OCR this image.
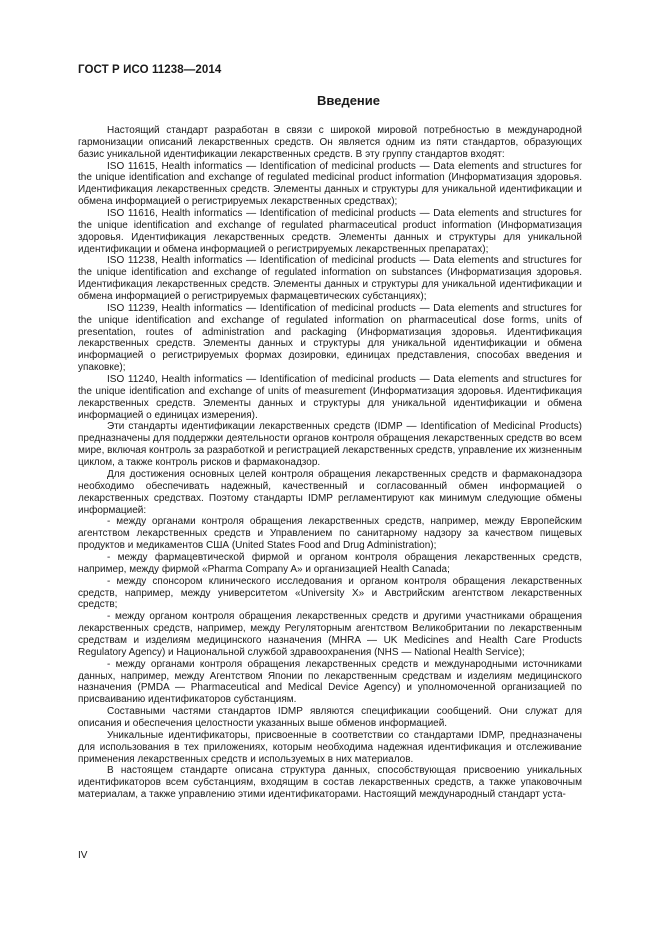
ГОСТ Р ИСО 11238—2014
Введение

Настоящий стандарт разработан в связи с широкой мировой потребностью в международной гармонизации описаний лекарственных средств. Он является одним из пяти стандартов, образующих базис уникальной идентификации лекарственных средств. В эту группу стандартов входят:

ISO 11615, Health informatics — Identification of medicinal products — Data elements and structures for the unique identification and exchange of regulated medicinal product information (Информатизация здоровья. Идентификация лекарственных средств. Элементы данных и структуры для уникальной идентификации и обмена информацией о регистрируемых лекарственных средствах);

ISO 11616, Health informatics — Identification of medicinal products — Data elements and structures for the unique identification and exchange of regulated pharmaceutical product information (Информатизация здоровья. Идентификация лекарственных средств. Элементы данных и структуры для уникальной идентификации и обмена информацией о регистрируемых лекарственных препаратах);

ISO 11238, Health informatics — Identification of medicinal products — Data elements and structures for the unique identification and exchange of regulated information on substances (Информатизация здоровья. Идентификация лекарственных средств. Элементы данных и структуры для уникальной идентификации и обмена информацией о регистрируемых фармацевтических субстанциях);

ISO 11239, Health informatics — Identification of medicinal products — Data elements and structures for the unique identification and exchange of regulated information on pharmaceutical dose forms, units of presentation, routes of administration and packaging (Информатизация здоровья. Идентификация лекарственных средств. Элементы данных и структуры для уникальной идентификации и обмена информацией о регистрируемых формах дозировки, единицах представления, способах введения и упаковке);

ISO 11240, Health informatics — Identification of medicinal products — Data elements and structures for the unique identification and exchange of units of measurement (Информатизация здоровья. Идентификация лекарственных средств. Элементы данных и структуры для уникальной идентификации и обмена информацией о единицах измерения).

Эти стандарты идентификации лекарственных средств (IDMP — Identification of Medicinal Products) предназначены для поддержки деятельности органов контроля обращения лекарственных средств во всем мире, включая контроль за разработкой и регистрацией лекарственных средств, управление их жизненным циклом, а также контроль рисков и фармаконадзор.

Для достижения основных целей контроля обращения лекарственных средств и фармаконадзора необходимо обеспечивать надежный, качественный и согласованный обмен информацией о лекарственных средствах. Поэтому стандарты IDMP регламентируют как минимум следующие обмены информацией:

- между органами контроля обращения лекарственных средств, например, между Европейским агентством лекарственных средств и Управлением по санитарному надзору за качеством пищевых продуктов и медикаментов США (United States Food and Drug Administration);

- между фармацевтической фирмой и органом контроля обращения лекарственных средств, например, между фирмой «Pharma Company A» и организацией Health Canada;

- между спонсором клинического исследования и органом контроля обращения лекарственных средств, например, между университетом «University X» и Австрийским агентством лекарственных средств;

- между органом контроля обращения лекарственных средств и другими участниками обращения лекарственных средств, например, между Регуляторным агентством Великобритании по лекарственным средствам и изделиям медицинского назначения (MHRA — UK Medicines and Health Care Products Regulatory Agency) и Национальной службой здравоохранения (NHS — National Health Service);

- между органами контроля обращения лекарственных средств и международными источниками данных, например, между Агентством Японии по лекарственным средствам и изделиям медицинского назначения (PMDA — Pharmaceutical and Medical Device Agency) и уполномоченной организацией по присваиванию идентификаторов субстанциям.

Составными частями стандартов IDMP являются спецификации сообщений. Они служат для описания и обеспечения целостности указанных выше обменов информацией.

Уникальные идентификаторы, присвоенные в соответствии со стандартами IDMP, предназначены для использования в тех приложениях, которым необходима надежная идентификация и отслеживание применения лекарственных средств и используемых в них материалов.

В настоящем стандарте описана структура данных, способствующая присвоению уникальных идентификаторов всем субстанциям, входящим в состав лекарственных средств, а также упаковочным материалам, а также управлению этими идентификаторами. Настоящий международный стандарт уста-

IV
